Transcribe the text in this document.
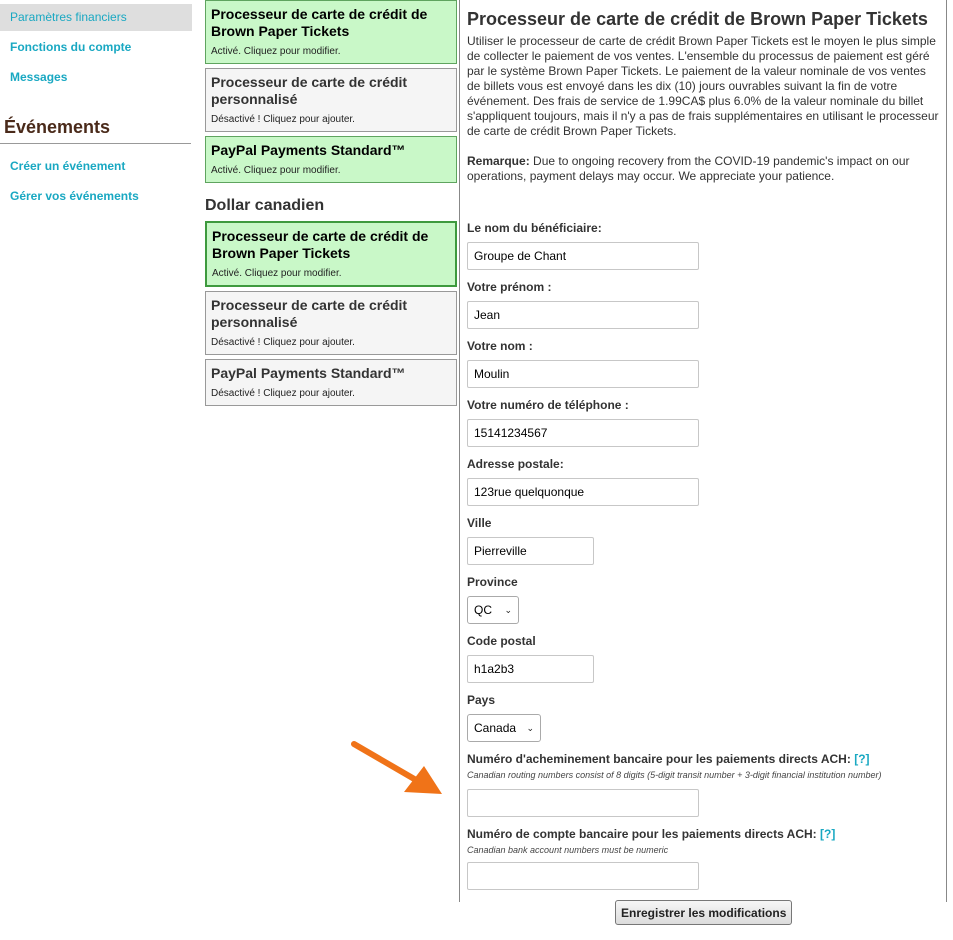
Paramètres financiers
Fonctions du compte
Messages
Événements
Créer un événement
Gérer vos événements
Processeur de carte de crédit de Brown Paper Tickets
Activé. Cliquez pour modifier.
Processeur de carte de crédit personnalisé
Désactivé ! Cliquez pour ajouter.
PayPal Payments Standard™
Activé. Cliquez pour modifier.
Dollar canadien
Processeur de carte de crédit de Brown Paper Tickets
Activé. Cliquez pour modifier.
Processeur de carte de crédit personnalisé
Désactivé ! Cliquez pour ajouter.
PayPal Payments Standard™
Désactivé ! Cliquez pour ajouter.
Processeur de carte de crédit de Brown Paper Tickets

Utiliser le processeur de carte de crédit Brown Paper Tickets est le moyen le plus simple de collecter le paiement de vos ventes. L'ensemble du processus de paiement est géré par le système Brown Paper Tickets. Le paiement de la valeur nominale de vos ventes de billets vous est envoyé dans les dix (10) jours ouvrables suivant la fin de votre événement. Des frais de service de 1.99CA$ plus 6.0% de la valeur nominale du billet s'appliquent toujours, mais il n'y a pas de frais supplémentaires en utilisant le processeur de carte de crédit Brown Paper Tickets.

Remarque: Due to ongoing recovery from the COVID-19 pandemic's impact on our operations, payment delays may occur. We appreciate your patience.

Le nom du bénéficiaire:
Groupe de Chant
Votre prénom :
Jean
Votre nom :
Moulin
Votre numéro de téléphone :
15141234567
Adresse postale:
123rue quelquonque
Ville
Pierreville
Province
QC ⌄
Code postal
h1a2b3
Pays
Canada ⌄
Numéro d'acheminement bancaire pour les paiements directs ACH: [?]
Canadian routing numbers consist of 8 digits (5-digit transit number + 3-digit financial institution number)
Numéro de compte bancaire pour les paiements directs ACH: [?]
Canadian bank account numbers must be numeric
Enregistrer les modifications
